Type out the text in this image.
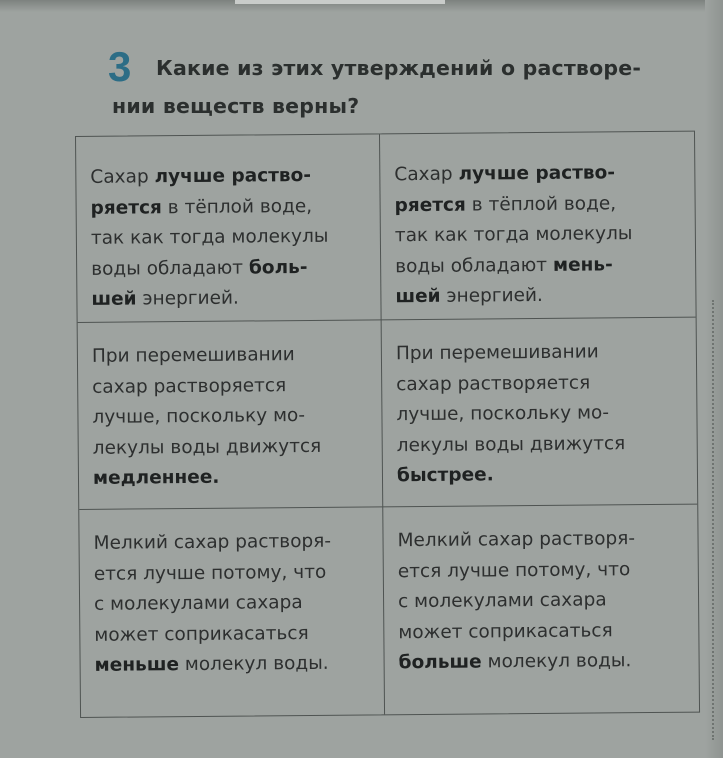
3 Какие из этих утверждений о растворе-
нии веществ верны?
Сахар лучше раство-
ряется в тёплой воде,
так как тогда молекулы
воды обладают боль-
шей энергией.
Сахар лучше раство-
ряется в тёплой воде,
так как тогда молекулы
воды обладают мень-
шей энергией.
При перемешивании
сахар растворяется
лучше, поскольку мо-
лекулы воды движутся
медленнее.
При перемешивании
сахар растворяется
лучше, поскольку мо-
лекулы воды движутся
быстрее.
Мелкий сахар растворя-
ется лучше потому, что
с молекулами сахара
может соприкасаться
меньше молекул воды.
Мелкий сахар растворя-
ется лучше потому, что
с молекулами сахара
может соприкасаться
больше молекул воды.
